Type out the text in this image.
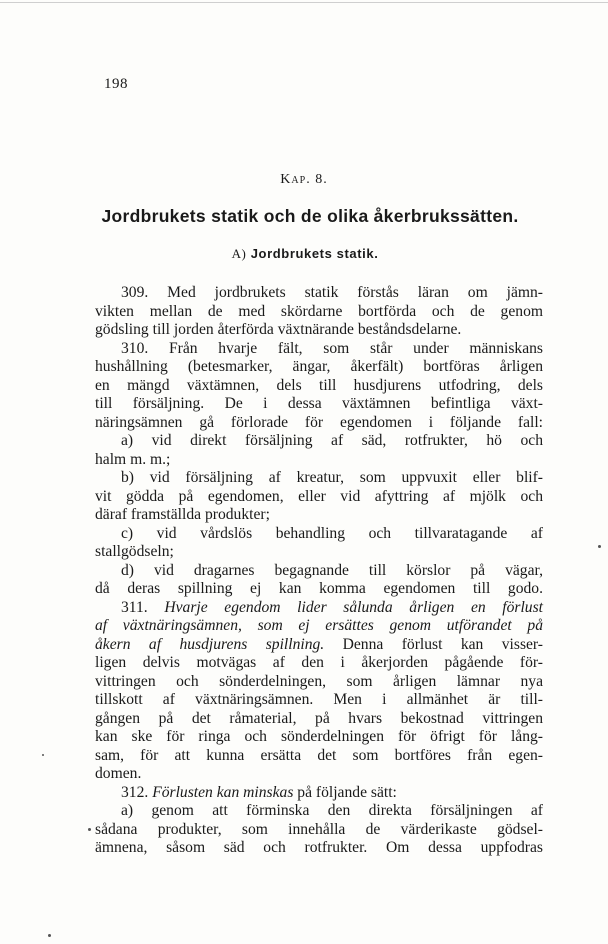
198
Kap. 8.
Jordbrukets statik och de olika åkerbrukssätten.
A) Jordbrukets statik.
309. Med jordbrukets statik förstås läran om jämn-
vikten mellan de med skördarne bortförda och de genom
gödsling till jorden återförda växtnärande beståndsdelarne.
310. Från hvarje fält, som står under människans
hushållning (betesmarker, ängar, åkerfält) bortföras årligen
en mängd växtämnen, dels till husdjurens utfodring, dels
till försäljning. De i dessa växtämnen befintliga växt-
näringsämnen gå förlorade för egendomen i följande fall:
a) vid direkt försäljning af säd, rotfrukter, hö och
halm m. m.;
b) vid försäljning af kreatur, som uppvuxit eller blif-
vit gödda på egendomen, eller vid afyttring af mjölk och
däraf framställda produkter;
c) vid vårdslös behandling och tillvaratagande af
stallgödseln;
d) vid dragarnes begagnande till körslor på vägar,
då deras spillning ej kan komma egendomen till godo.
311. Hvarje egendom lider sålunda årligen en förlust
af växtnäringsämnen, som ej ersättes genom utförandet på
åkern af husdjurens spillning. Denna förlust kan visser-
ligen delvis motvägas af den i åkerjorden pågående för-
vittringen och sönderdelningen, som årligen lämnar nya
tillskott af växtnäringsämnen. Men i allmänhet är till-
gången på det råmaterial, på hvars bekostnad vittringen
kan ske för ringa och sönderdelningen för öfrigt för lång-
sam, för att kunna ersätta det som bortföres från egen-
domen.
312. Förlusten kan minskas på följande sätt:
a) genom att förminska den direkta försäljningen af
sådana produkter, som innehålla de värderikaste gödsel-
ämnena, såsom säd och rotfrukter. Om dessa uppfodras
